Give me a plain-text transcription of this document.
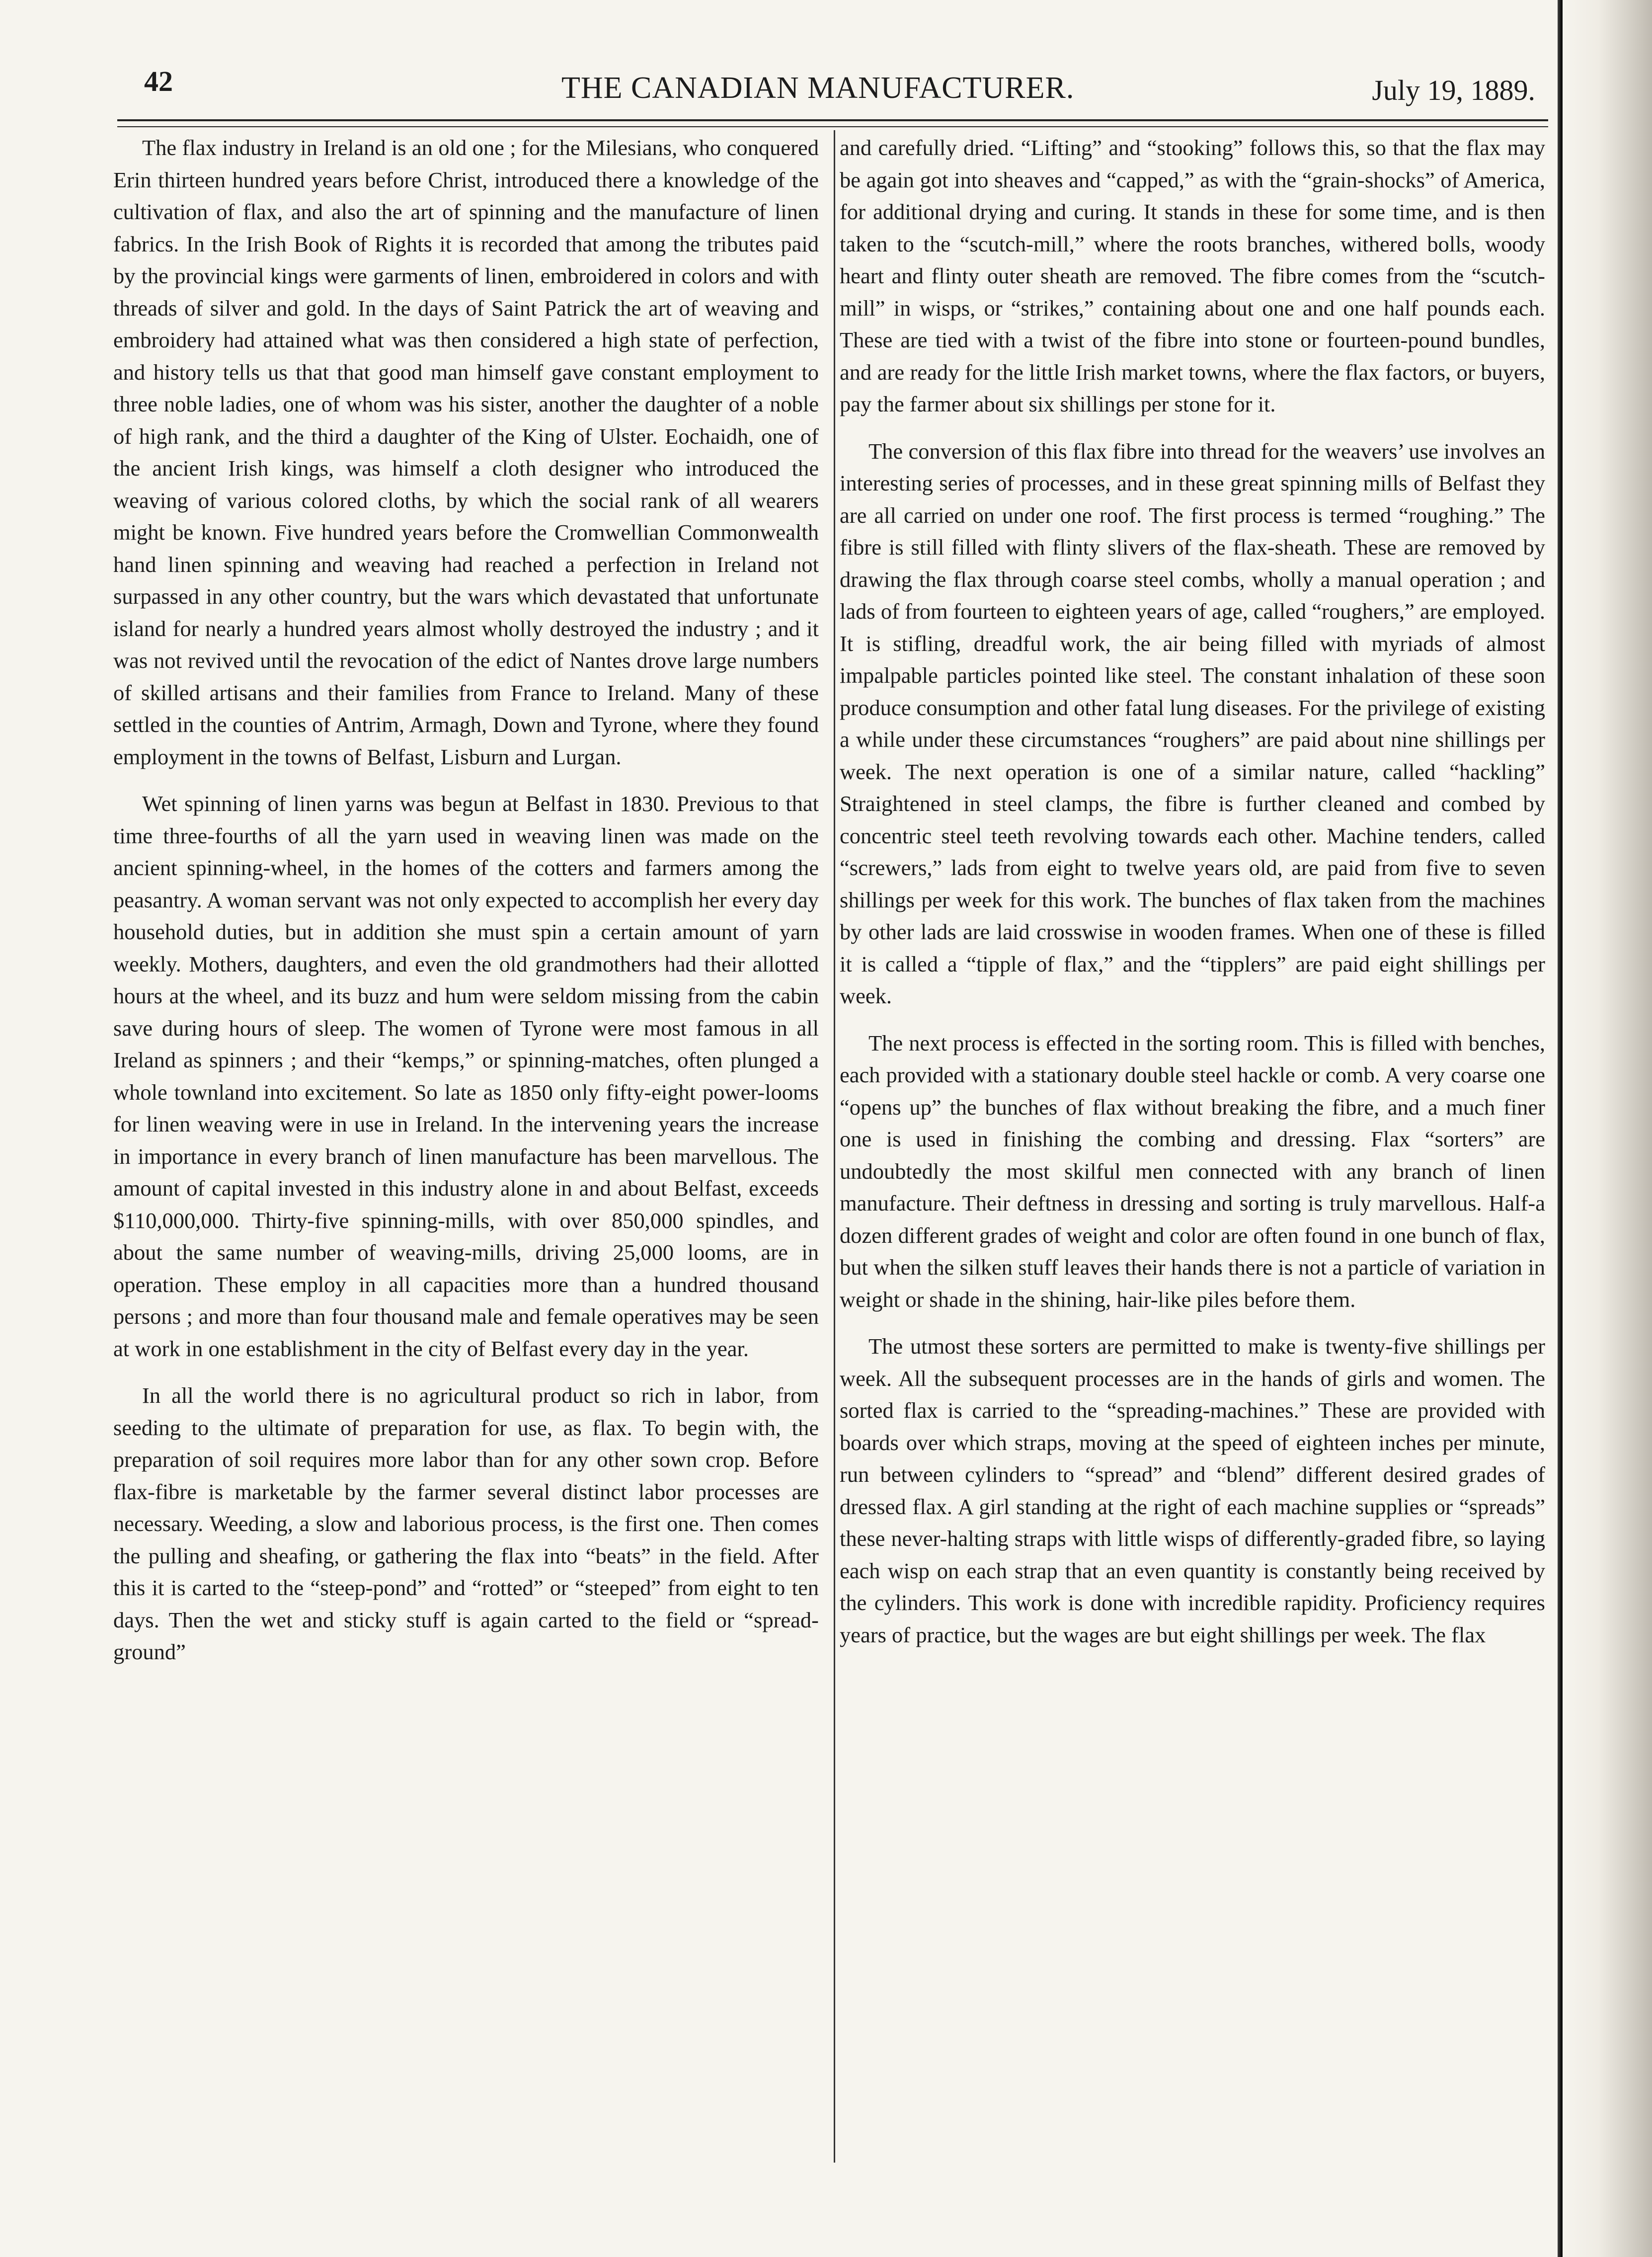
42	THE CANADIAN MANUFACTURER.	July 19, 1889.

The flax industry in Ireland is an old one ; for the Milesians, who conquered Erin thirteen hundred years before Christ, introduced there a knowledge of the cultivation of flax, and also the art of spinning and the manufacture of linen fabrics. In the Irish Book of Rights it is recorded that among the tributes paid by the provincial kings were garments of linen, embroidered in colors and with threads of silver and gold. In the days of Saint Patrick the art of weaving and embroidery had attained what was then considered a high state of perfection, and history tells us that that good man himself gave constant employment to three noble ladies, one of whom was his sister, another the daughter of a noble of high rank, and the third a daughter of the King of Ulster. Eochaidh, one of the ancient Irish kings, was himself a cloth designer who introduced the weaving of various colored cloths, by which the social rank of all wearers might be known. Five hundred years before the Cromwellian Commonwealth hand linen spinning and weaving had reached a perfection in Ireland not surpassed in any other country, but the wars which devastated that unfortunate island for nearly a hundred years almost wholly destroyed the industry ; and it was not revived until the revocation of the edict of Nantes drove large numbers of skilled artisans and their families from France to Ireland. Many of these settled in the counties of Antrim, Armagh, Down and Tyrone, where they found employment in the towns of Belfast, Lisburn and Lurgan.

Wet spinning of linen yarns was begun at Belfast in 1830. Previous to that time three-fourths of all the yarn used in weaving linen was made on the ancient spinning-wheel, in the homes of the cotters and farmers among the peasantry. A woman servant was not only expected to accomplish her every day household duties, but in addition she must spin a certain amount of yarn weekly. Mothers, daughters, and even the old grandmothers had their allotted hours at the wheel, and its buzz and hum were seldom missing from the cabin save during hours of sleep. The women of Tyrone were most famous in all Ireland as spinners ; and their “kemps,” or spinning-matches, often plunged a whole townland into excitement. So late as 1850 only fifty-eight power-looms for linen weaving were in use in Ireland. In the intervening years the increase in importance in every branch of linen manufacture has been marvellous. The amount of capital invested in this industry alone in and about Belfast, exceeds $110,000,000. Thirty-five spinning-mills, with over 850,000 spindles, and about the same number of weaving-mills, driving 25,000 looms, are in operation. These employ in all capacities more than a hundred thousand persons ; and more than four thousand male and female operatives may be seen at work in one establishment in the city of Belfast every day in the year.

In all the world there is no agricultural product so rich in labor, from seeding to the ultimate of preparation for use, as flax. To begin with, the preparation of soil requires more labor than for any other sown crop. Before flax-fibre is marketable by the farmer several distinct labor processes are necessary. Weeding, a slow and laborious process, is the first one. Then comes the pulling and sheafing, or gathering the flax into “beats” in the field. After this it is carted to the “steep-pond” and “rotted” or “steeped” from eight to ten days. Then the wet and sticky stuff is again carted to the field or “spread-ground”

and carefully dried. “Lifting” and “stooking” follows this, so that the flax may be again got into sheaves and “capped,” as with the “grain-shocks” of America, for additional drying and curing. It stands in these for some time, and is then taken to the “scutch-mill,” where the roots branches, withered bolls, woody heart and flinty outer sheath are removed. The fibre comes from the “scutch-mill” in wisps, or “strikes,” containing about one and one half pounds each. These are tied with a twist of the fibre into stone or fourteen-pound bundles, and are ready for the little Irish market towns, where the flax factors, or buyers, pay the farmer about six shillings per stone for it.

The conversion of this flax fibre into thread for the weavers’ use involves an interesting series of processes, and in these great spinning mills of Belfast they are all carried on under one roof. The first process is termed “roughing.” The fibre is still filled with flinty slivers of the flax-sheath. These are removed by drawing the flax through coarse steel combs, wholly a manual operation ; and lads of from fourteen to eighteen years of age, called “roughers,” are employed. It is stifling, dreadful work, the air being filled with myriads of almost impalpable particles pointed like steel. The constant inhalation of these soon produce consumption and other fatal lung diseases. For the privilege of existing a while under these circumstances “roughers” are paid about nine shillings per week. The next operation is one of a similar nature, called “hackling” Straightened in steel clamps, the fibre is further cleaned and combed by concentric steel teeth revolving towards each other. Machine tenders, called “screwers,” lads from eight to twelve years old, are paid from five to seven shillings per week for this work. The bunches of flax taken from the machines by other lads are laid crosswise in wooden frames. When one of these is filled it is called a “tipple of flax,” and the “tipplers” are paid eight shillings per week.

The next process is effected in the sorting room. This is filled with benches, each provided with a stationary double steel hackle or comb. A very coarse one “opens up” the bunches of flax without breaking the fibre, and a much finer one is used in finishing the combing and dressing. Flax “sorters” are undoubtedly the most skilful men connected with any branch of linen manufacture. Their deftness in dressing and sorting is truly marvellous. Half-a dozen different grades of weight and color are often found in one bunch of flax, but when the silken stuff leaves their hands there is not a particle of variation in weight or shade in the shining, hair-like piles before them.

The utmost these sorters are permitted to make is twenty-five shillings per week. All the subsequent processes are in the hands of girls and women. The sorted flax is carried to the “spreading-machines.” These are provided with boards over which straps, moving at the speed of eighteen inches per minute, run between cylinders to “spread” and “blend” different desired grades of dressed flax. A girl standing at the right of each machine supplies or “spreads” these never-halting straps with little wisps of differently-graded fibre, so laying each wisp on each strap that an even quantity is constantly being received by the cylinders. This work is done with incredible rapidity. Proficiency requires years of practice, but the wages are but eight shillings per week. The flax
